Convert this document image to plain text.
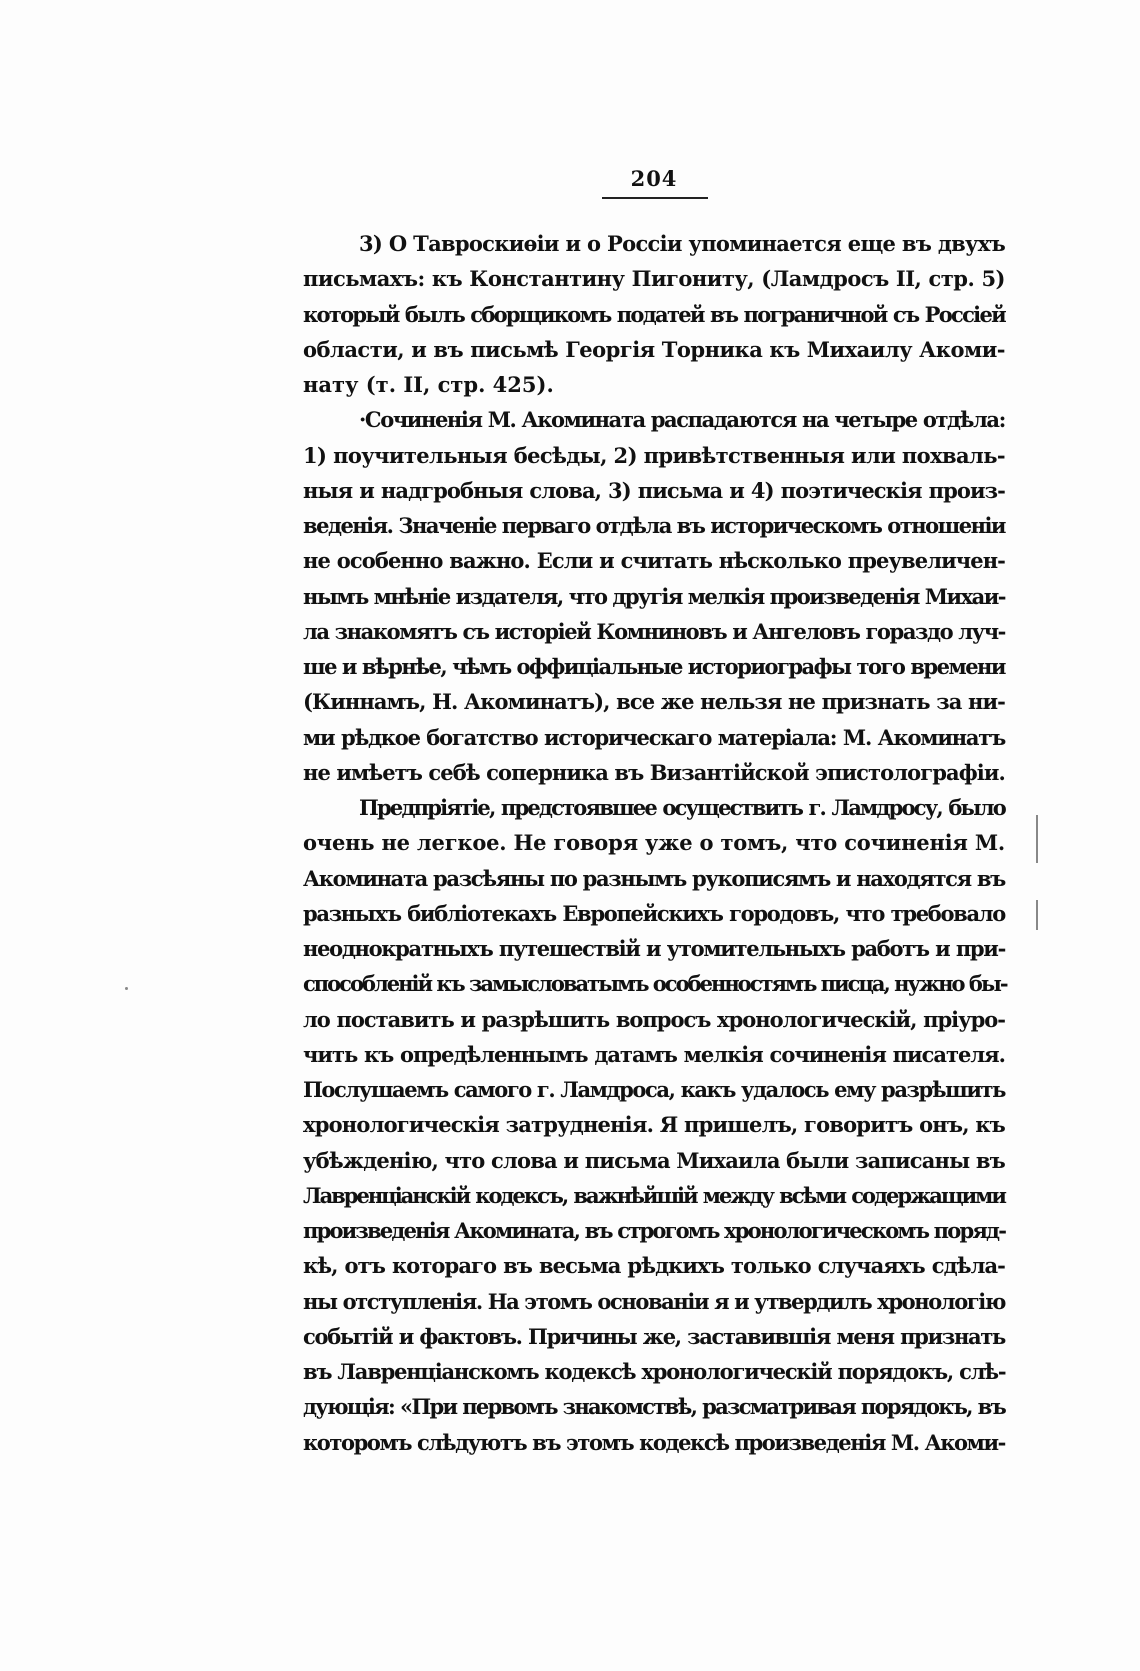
204
3) О Тавроскиѳіи и о Россіи упоминается еще въ двухъ
письмахъ: къ Константину Пигониту, (Ламдросъ II, стр. 5)
который былъ сборщикомъ податей въ пограничной съ Россіей
области, и въ письмѣ Георгія Торника къ Михаилу Акоми-
нату (т. II, стр. 425).
·Сочиненія М. Акомината распадаются на четыре отдѣла:
1) поучительныя бесѣды, 2) привѣтственныя или похваль-
ныя и надгробныя слова, 3) письма и 4) поэтическія произ-
веденія. Значеніе перваго отдѣла въ историческомъ отношеніи
не особенно важно. Если и считать нѣсколько преувеличен-
нымъ мнѣніе издателя, что другія мелкія произведенія Михаи-
ла знакомятъ съ исторіей Комниновъ и Ангеловъ гораздо луч-
ше и вѣрнѣе, чѣмъ оффиціальные историографы того времени
(Киннамъ, Н. Акоминатъ), все же нельзя не признать за ни-
ми рѣдкое богатство историческаго матеріала: М. Акоминатъ
не имѣетъ себѣ соперника въ Византійской эпистолографіи.
Предпріятіе, предстоявшее осуществить г. Ламдросу, было
очень не легкое. Не говоря уже о томъ, что сочиненія М.
Акомината разсѣяны по разнымъ рукописямъ и находятся въ
разныхъ библіотекахъ Европейскихъ городовъ, что требовало
неоднократныхъ путешествій и утомительныхъ работъ и при-
способленій къ замысловатымъ особенностямъ писца, нужно бы-
ло поставить и разрѣшить вопросъ хронологическій, пріуро-
чить къ опредѣленнымъ датамъ мелкія сочиненія писателя.
Послушаемъ самого г. Ламдроса, какъ удалось ему разрѣшить
хронологическія затрудненія. Я пришелъ, говоритъ онъ, къ
убѣжденію, что слова и письма Михаила были записаны въ
Лавренціанскій кодексъ, важнѣйшій между всѣми содержащими
произведенія Акомината, въ строгомъ хронологическомъ поряд-
кѣ, отъ котораго въ весьма рѣдкихъ только случаяхъ сдѣла-
ны отступленія. На этомъ основаніи я и утвердилъ хронологію
событій и фактовъ. Причины же, заставившія меня признать
въ Лавренціанскомъ кодексѣ хронологическій порядокъ, слѣ-
дующія: «При первомъ знакомствѣ, разсматривая порядокъ, въ
которомъ слѣдуютъ въ этомъ кодексѣ произведенія М. Акоми-
